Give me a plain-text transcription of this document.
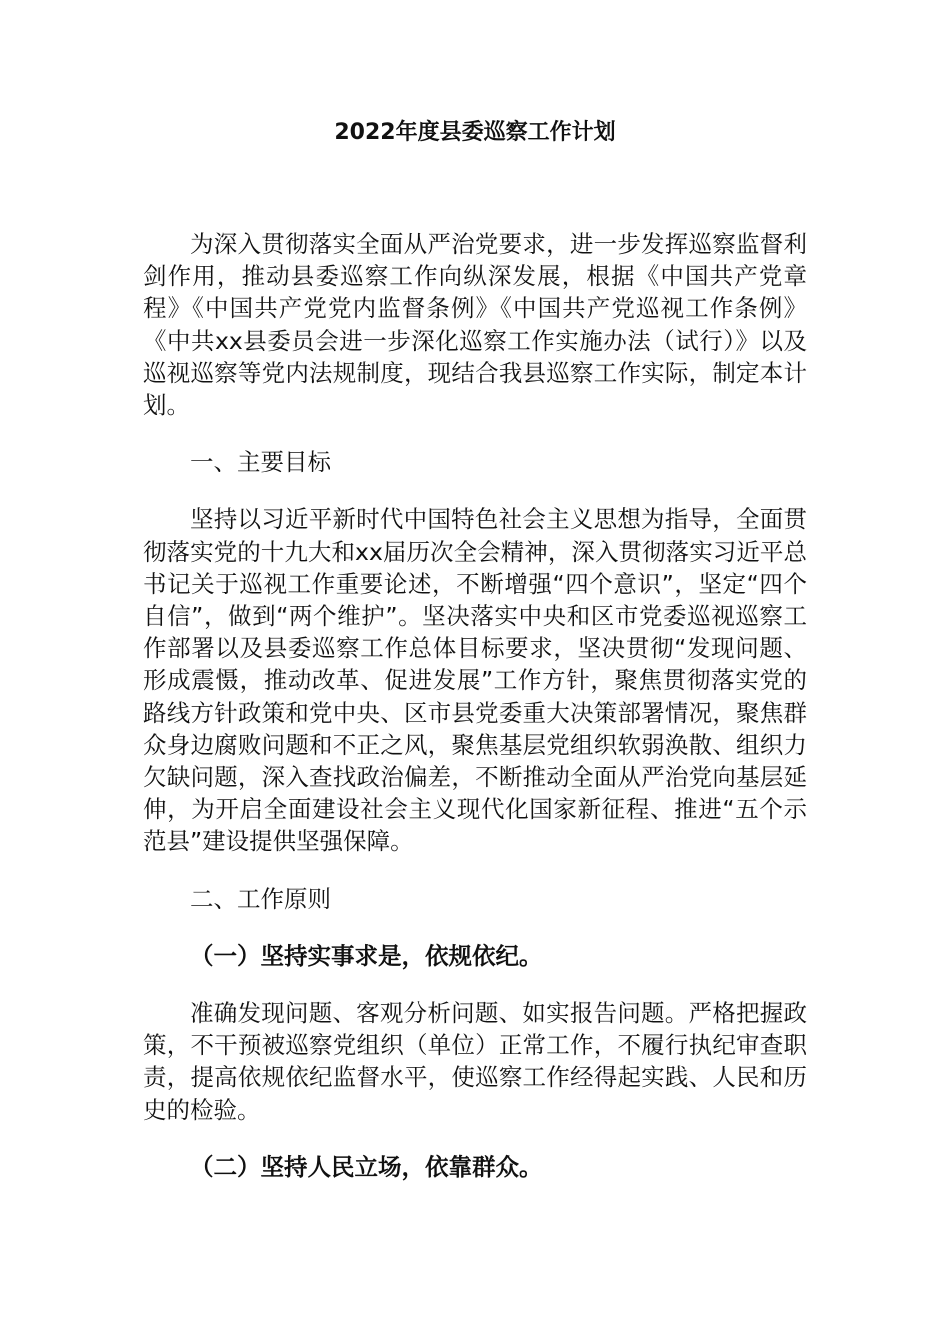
2022年度县委巡察工作计划

为深入贯彻落实全面从严治党要求，进一步发挥巡察监督利剑作用，推动县委巡察工作向纵深发展，根据《中国共产党章程》《中国共产党党内监督条例》《中国共产党巡视工作条例》《中共xx县委员会进一步深化巡察工作实施办法（试行）》以及巡视巡察等党内法规制度，现结合我县巡察工作实际，制定本计划。

一、主要目标

坚持以习近平新时代中国特色社会主义思想为指导，全面贯彻落实党的十九大和xx届历次全会精神，深入贯彻落实习近平总书记关于巡视工作重要论述，不断增强“四个意识”，坚定“四个自信”，做到“两个维护”。坚决落实中央和区市党委巡视巡察工作部署以及县委巡察工作总体目标要求，坚决贯彻“发现问题、形成震慑，推动改革、促进发展”工作方针，聚焦贯彻落实党的路线方针政策和党中央、区市县党委重大决策部署情况，聚焦群众身边腐败问题和不正之风，聚焦基层党组织软弱涣散、组织力欠缺问题，深入查找政治偏差，不断推动全面从严治党向基层延伸，为开启全面建设社会主义现代化国家新征程、推进“五个示范县”建设提供坚强保障。

二、工作原则

（一）坚持实事求是，依规依纪。

准确发现问题、客观分析问题、如实报告问题。严格把握政策，不干预被巡察党组织（单位）正常工作，不履行执纪审查职责，提高依规依纪监督水平，使巡察工作经得起实践、人民和历史的检验。

（二）坚持人民立场，依靠群众。
